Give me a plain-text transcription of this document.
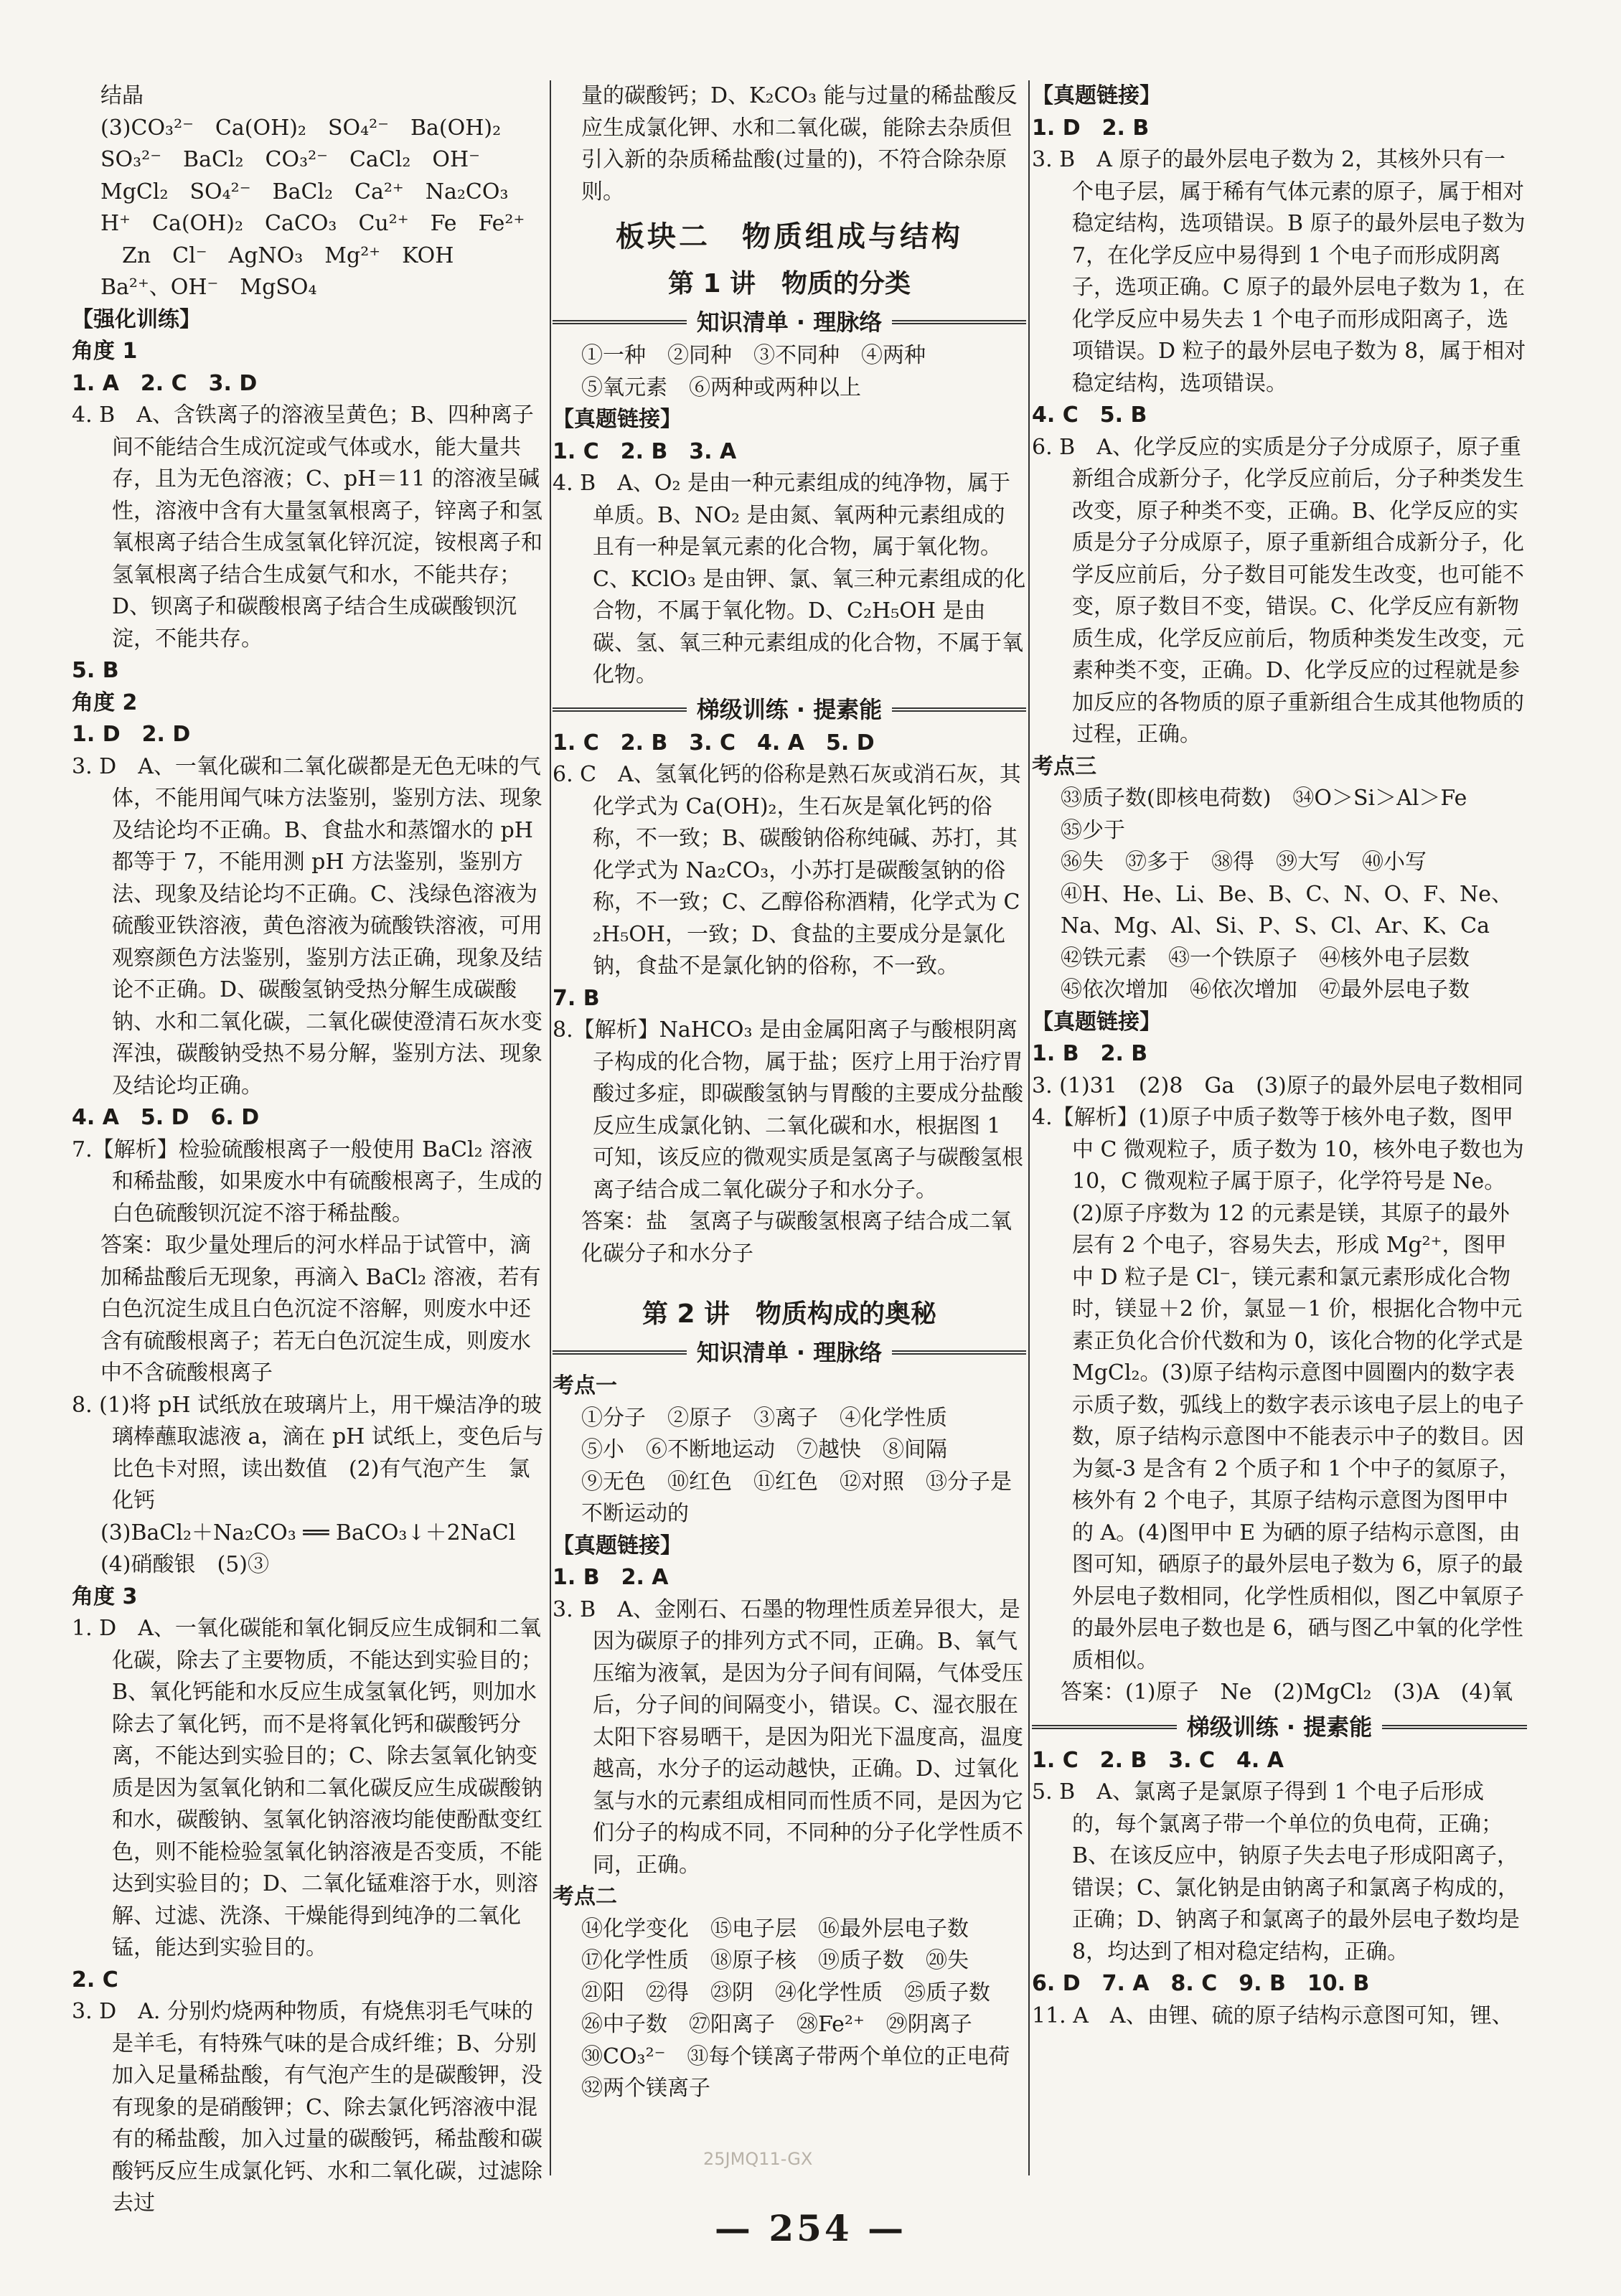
结晶

(3)CO₃²⁻　Ca(OH)₂　SO₄²⁻　Ba(OH)₂

SO₃²⁻　BaCl₂　CO₃²⁻　CaCl₂　OH⁻

MgCl₂　SO₄²⁻　BaCl₂　Ca²⁺　Na₂CO₃

H⁺　Ca(OH)₂　CaCO₃　Cu²⁺　Fe　Fe²⁺

　Zn　Cl⁻　AgNO₃　Mg²⁺　KOH

Ba²⁺、OH⁻　MgSO₄

【强化训练】

角度 1

1. A　2. C　3. D

4. B　A、含铁离子的溶液呈黄色；B、四种离子间不能结合生成沉淀或气体或水，能大量共存，且为无色溶液；C、pH＝11 的溶液呈碱性，溶液中含有大量氢氧根离子，锌离子和氢氧根离子结合生成氢氧化锌沉淀，铵根离子和氢氧根离子结合生成氨气和水，不能共存；D、钡离子和碳酸根离子结合生成碳酸钡沉淀，不能共存。

5. B

角度 2

1. D　2. D

3. D　A、一氧化碳和二氧化碳都是无色无味的气体，不能用闻气味方法鉴别，鉴别方法、现象及结论均不正确。B、食盐水和蒸馏水的 pH 都等于 7，不能用测 pH 方法鉴别，鉴别方法、现象及结论均不正确。C、浅绿色溶液为硫酸亚铁溶液，黄色溶液为硫酸铁溶液，可用观察颜色方法鉴别，鉴别方法正确，现象及结论不正确。D、碳酸氢钠受热分解生成碳酸钠、水和二氧化碳，二氧化碳使澄清石灰水变浑浊，碳酸钠受热不易分解，鉴别方法、现象及结论均正确。

4. A　5. D　6. D

7.【解析】检验硫酸根离子一般使用 BaCl₂ 溶液和稀盐酸，如果废水中有硫酸根离子，生成的白色硫酸钡沉淀不溶于稀盐酸。

答案：取少量处理后的河水样品于试管中，滴加稀盐酸后无现象，再滴入 BaCl₂ 溶液，若有白色沉淀生成且白色沉淀不溶解，则废水中还含有硫酸根离子；若无白色沉淀生成，则废水中不含硫酸根离子

8. (1)将 pH 试纸放在玻璃片上，用干燥洁净的玻璃棒蘸取滤液 a，滴在 pH 试纸上，变色后与比色卡对照，读出数值　(2)有气泡产生　氯化钙

(3)BaCl₂＋Na₂CO₃ ══ BaCO₃↓＋2NaCl

(4)硝酸银　(5)③

角度 3

1. D　A、一氧化碳能和氧化铜反应生成铜和二氧化碳，除去了主要物质，不能达到实验目的；B、氧化钙能和水反应生成氢氧化钙，则加水除去了氧化钙，而不是将氧化钙和碳酸钙分离，不能达到实验目的；C、除去氢氧化钠变质是因为氢氧化钠和二氧化碳反应生成碳酸钠和水，碳酸钠、氢氧化钠溶液均能使酚酞变红色，则不能检验氢氧化钠溶液是否变质，不能达到实验目的；D、二氧化锰难溶于水，则溶解、过滤、洗涤、干燥能得到纯净的二氧化锰，能达到实验目的。

2. C

3. D　A. 分别灼烧两种物质，有烧焦羽毛气味的是羊毛，有特殊气味的是合成纤维；B、分别加入足量稀盐酸，有气泡产生的是碳酸钾，没有现象的是硝酸钾；C、除去氯化钙溶液中混有的稀盐酸，加入过量的碳酸钙，稀盐酸和碳酸钙反应生成氯化钙、水和二氧化碳，过滤除去过

量的碳酸钙；D、K₂CO₃ 能与过量的稀盐酸反应生成氯化钾、水和二氧化碳，能除去杂质但引入新的杂质稀盐酸(过量的)，不符合除杂原则。

板块二　物质组成与结构
第 1 讲　物质的分类
知识清单 · 理脉络

①一种　②同种　③不同种　④两种

⑤氧元素　⑥两种或两种以上

【真题链接】

1. C　2. B　3. A

4. B　A、O₂ 是由一种元素组成的纯净物，属于单质。B、NO₂ 是由氮、氧两种元素组成的且有一种是氧元素的化合物，属于氧化物。C、KClO₃ 是由钾、氯、氧三种元素组成的化合物，不属于氧化物。D、C₂H₅OH 是由碳、氢、氧三种元素组成的化合物，不属于氧化物。

梯级训练 · 提素能

1. C　2. B　3. C　4. A　5. D

6. C　A、氢氧化钙的俗称是熟石灰或消石灰，其化学式为 Ca(OH)₂，生石灰是氧化钙的俗称，不一致；B、碳酸钠俗称纯碱、苏打，其化学式为 Na₂CO₃，小苏打是碳酸氢钠的俗称，不一致；C、乙醇俗称酒精，化学式为 C₂H₅OH，一致；D、食盐的主要成分是氯化钠，食盐不是氯化钠的俗称，不一致。

7. B

8.【解析】NaHCO₃ 是由金属阳离子与酸根阴离子构成的化合物，属于盐；医疗上用于治疗胃酸过多症，即碳酸氢钠与胃酸的主要成分盐酸反应生成氯化钠、二氧化碳和水，根据图 1 可知，该反应的微观实质是氢离子与碳酸氢根离子结合成二氧化碳分子和水分子。

答案：盐　氢离子与碳酸氢根离子结合成二氧化碳分子和水分子

第 2 讲　物质构成的奥秘
知识清单 · 理脉络

考点一

①分子　②原子　③离子　④化学性质

⑤小　⑥不断地运动　⑦越快　⑧间隔

⑨无色　⑩红色　⑪红色　⑫对照　⑬分子是不断运动的

【真题链接】

1. B　2. A

3. B　A、金刚石、石墨的物理性质差异很大，是因为碳原子的排列方式不同，正确。B、氧气压缩为液氧，是因为分子间有间隔，气体受压后，分子间的间隔变小，错误。C、湿衣服在太阳下容易晒干，是因为阳光下温度高，温度越高，水分子的运动越快，正确。D、过氧化氢与水的元素组成相同而性质不同，是因为它们分子的构成不同，不同种的分子化学性质不同，正确。

考点二

⑭化学变化　⑮电子层　⑯最外层电子数

⑰化学性质　⑱原子核　⑲质子数　⑳失

㉑阳　㉒得　㉓阴　㉔化学性质　㉕质子数

㉖中子数　㉗阳离子　㉘Fe²⁺　㉙阴离子

㉚CO₃²⁻　㉛每个镁离子带两个单位的正电荷　㉜两个镁离子

【真题链接】

1. D　2. B

3. B　A 原子的最外层电子数为 2，其核外只有一个电子层，属于稀有气体元素的原子，属于相对稳定结构，选项错误。B 原子的最外层电子数为 7，在化学反应中易得到 1 个电子而形成阴离子，选项正确。C 原子的最外层电子数为 1，在化学反应中易失去 1 个电子而形成阳离子，选项错误。D 粒子的最外层电子数为 8，属于相对稳定结构，选项错误。

4. C　5. B

6. B　A、化学反应的实质是分子分成原子，原子重新组合成新分子，化学反应前后，分子种类发生改变，原子种类不变，正确。B、化学反应的实质是分子分成原子，原子重新组合成新分子，化学反应前后，分子数目可能发生改变，也可能不变，原子数目不变，错误。C、化学反应有新物质生成，化学反应前后，物质种类发生改变，元素种类不变，正确。D、化学反应的过程就是参加反应的各物质的原子重新组合生成其他物质的过程，正确。

考点三

㉝质子数(即核电荷数)　㉞O＞Si＞Al＞Fe

㉟少于

㊱失　㊲多于　㊳得　㊴大写　㊵小写

㊶H、He、Li、Be、B、C、N、O、F、Ne、Na、Mg、Al、Si、P、S、Cl、Ar、K、Ca

㊷铁元素　㊸一个铁原子　㊹核外电子层数

㊺依次增加　㊻依次增加　㊼最外层电子数

【真题链接】

1. B　2. B

3. (1)31　(2)8　Ga　(3)原子的最外层电子数相同

4.【解析】(1)原子中质子数等于核外电子数，图甲中 C 微观粒子，质子数为 10，核外电子数也为 10，C 微观粒子属于原子，化学符号是 Ne。(2)原子序数为 12 的元素是镁，其原子的最外层有 2 个电子，容易失去，形成 Mg²⁺，图甲中 D 粒子是 Cl⁻，镁元素和氯元素形成化合物时，镁显＋2 价，氯显－1 价，根据化合物中元素正负化合价代数和为 0，该化合物的化学式是 MgCl₂。(3)原子结构示意图中圆圈内的数字表示质子数，弧线上的数字表示该电子层上的电子数，原子结构示意图中不能表示中子的数目。因为氦-3 是含有 2 个质子和 1 个中子的氦原子，核外有 2 个电子，其原子结构示意图为图甲中的 A。(4)图甲中 E 为硒的原子结构示意图，由图可知，硒原子的最外层电子数为 6，原子的最外层电子数相同，化学性质相似，图乙中氧原子的最外层电子数也是 6，硒与图乙中氧的化学性质相似。

答案：(1)原子　Ne　(2)MgCl₂　(3)A　(4)氧

梯级训练 · 提素能

1. C　2. B　3. C　4. A

5. B　A、氯离子是氯原子得到 1 个电子后形成的，每个氯离子带一个单位的负电荷，正确；B、在该反应中，钠原子失去电子形成阳离子，错误；C、氯化钠是由钠离子和氯离子构成的，正确；D、钠离子和氯离子的最外层电子数均是 8，均达到了相对稳定结构，正确。

6. D　7. A　8. C　9. B　10. B

11. A　A、由锂、硫的原子结构示意图可知，锂、

25JMQ11-GX
— 254 —
